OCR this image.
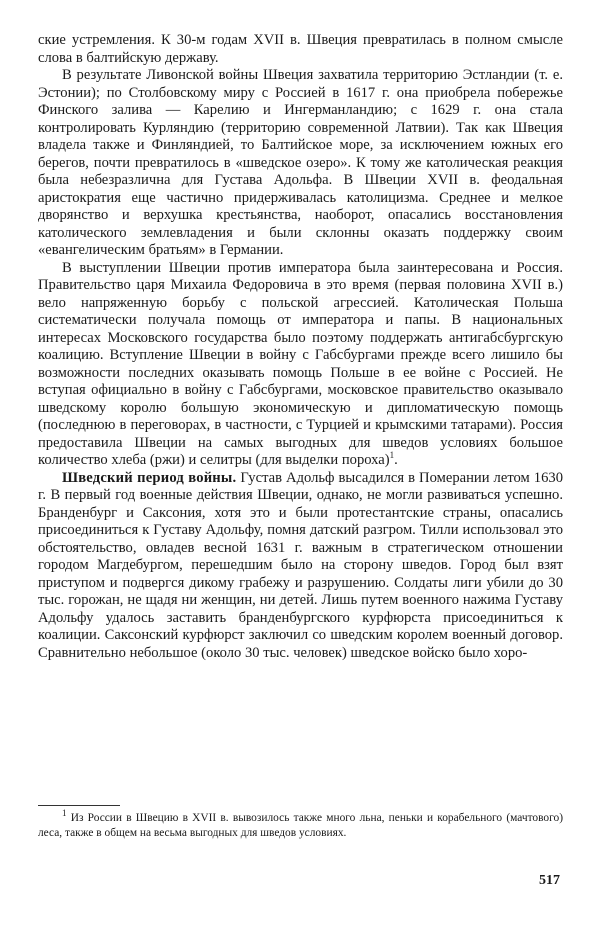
ские устремления. К 30-м годам XVII в. Швеция превратилась в полном смысле слова в балтийскую державу.

В результате Ливонской войны Швеция захватила территорию Эстландии (т. е. Эстонии); по Столбовскому миру с Россией в 1617 г. она приобрела побережье Финского залива — Карелию и Ингерманландию; с 1629 г. она стала контролировать Курляндию (территорию современной Латвии). Так как Швеция владела также и Финляндией, то Балтийское море, за исключением южных его берегов, почти превратилось в «шведское озеро». К тому же католическая реакция была небезразлична для Густава Адольфа. В Швеции XVII в. феодальная аристократия еще частично придерживалась католицизма. Среднее и мелкое дворянство и верхушка крестьянства, наоборот, опасались восстановления католического землевладения и были склонны оказать поддержку своим «евангелическим братьям» в Германии.

В выступлении Швеции против императора была заинтересована и Россия. Правительство царя Михаила Федоровича в это время (первая половина XVII в.) вело напряженную борьбу с польской агрессией. Католическая Польша систематически получала помощь от императора и папы. В национальных интересах Московского государства было поэтому поддержать антигабсбургскую коалицию. Вступление Швеции в войну с Габсбургами прежде всего лишило бы возможности последних оказывать помощь Польше в ее войне с Россией. Не вступая официально в войну с Габсбургами, московское правительство оказывало шведскому королю большую экономическую и дипломатическую помощь (последнюю в переговорах, в частности, с Турцией и крымскими татарами). Россия предоставила Швеции на самых выгодных для шведов условиях большое количество хлеба (ржи) и селитры (для выделки пороха)$^1$.

Шведский период войны. Густав Адольф высадился в Померании летом 1630 г. В первый год военные действия Швеции, однако, не могли развиваться успешно. Бранденбург и Саксония, хотя это и были протестантские страны, опасались присоединиться к Густаву Адольфу, помня датский разгром. Тилли использовал это обстоятельство, овладев весной 1631 г. важным в стратегическом отношении городом Магдебургом, перешедшим было на сторону шведов. Город был взят приступом и подвергся дикому грабежу и разрушению. Солдаты лиги убили до 30 тыс. горожан, не щадя ни женщин, ни детей. Лишь путем военного нажима Густаву Адольфу удалось заставить бранденбургского курфюрста присоединиться к коалиции. Саксонский курфюрст заключил со шведским королем военный договор. Сравнительно небольшое (около 30 тыс. человек) шведское войско было хоро-

$^1$ Из России в Швецию в XVII в. вывозилось также много льна, пеньки и корабельного (мачтового) леса, также в общем на весьма выгодных для шведов условиях.

517
